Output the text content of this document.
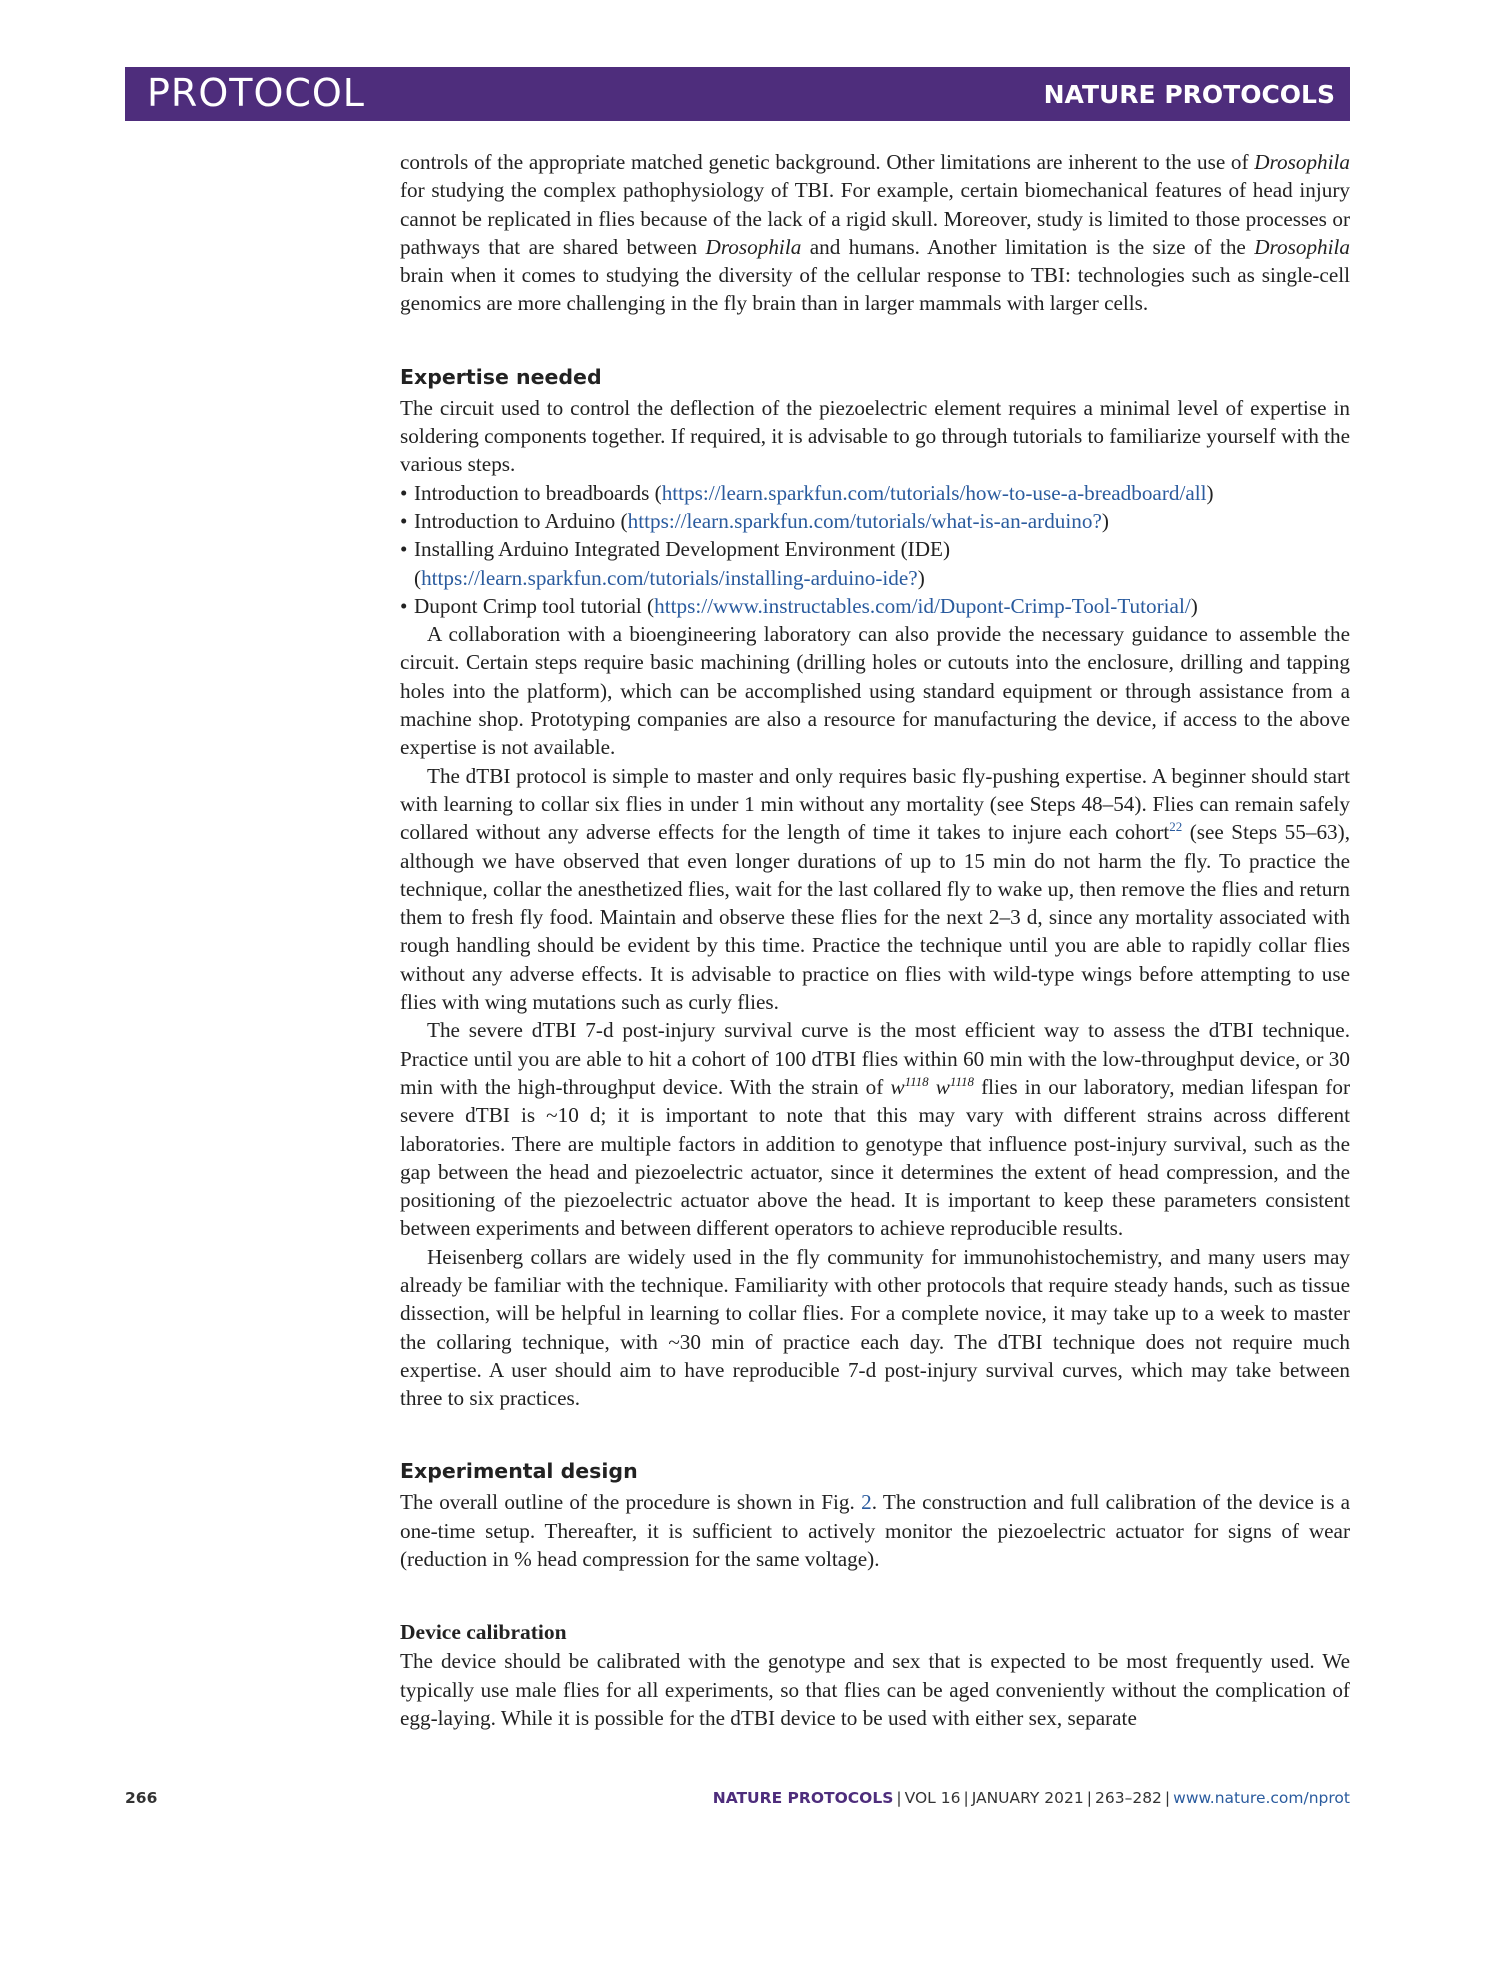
PROTOCOL	NATURE PROTOCOLS

controls of the appropriate matched genetic background. Other limitations are inherent to the use of Drosophila for studying the complex pathophysiology of TBI. For example, certain biomechanical features of head injury cannot be replicated in flies because of the lack of a rigid skull. Moreover, study is limited to those processes or pathways that are shared between Drosophila and humans. Another limitation is the size of the Drosophila brain when it comes to studying the diversity of the cellular response to TBI: technologies such as single-cell genomics are more challenging in the fly brain than in larger mammals with larger cells.

Expertise needed

The circuit used to control the deflection of the piezoelectric element requires a minimal level of expertise in soldering components together. If required, it is advisable to go through tutorials to familiarize yourself with the various steps.

• Introduction to breadboards (https://learn.sparkfun.com/tutorials/how-to-use-a-breadboard/all)
• Introduction to Arduino (https://learn.sparkfun.com/tutorials/what-is-an-arduino?)
• Installing Arduino Integrated Development Environment (IDE) (https://learn.sparkfun.com/tutorials/installing-arduino-ide?)
• Dupont Crimp tool tutorial (https://www.instructables.com/id/Dupont-Crimp-Tool-Tutorial/)

A collaboration with a bioengineering laboratory can also provide the necessary guidance to assemble the circuit. Certain steps require basic machining (drilling holes or cutouts into the enclosure, drilling and tapping holes into the platform), which can be accomplished using standard equipment or through assistance from a machine shop. Prototyping companies are also a resource for manufacturing the device, if access to the above expertise is not available.

The dTBI protocol is simple to master and only requires basic fly-pushing expertise. A beginner should start with learning to collar six flies in under 1 min without any mortality (see Steps 48–54). Flies can remain safely collared without any adverse effects for the length of time it takes to injure each cohort$^{22}$ (see Steps 55–63), although we have observed that even longer durations of up to 15 min do not harm the fly. To practice the technique, collar the anesthetized flies, wait for the last collared fly to wake up, then remove the flies and return them to fresh fly food. Maintain and observe these flies for the next 2–3 d, since any mortality associated with rough handling should be evident by this time. Practice the technique until you are able to rapidly collar flies without any adverse effects. It is advisable to practice on flies with wild-type wings before attempting to use flies with wing mutations such as curly flies.

The severe dTBI 7-d post-injury survival curve is the most efficient way to assess the dTBI technique. Practice until you are able to hit a cohort of 100 dTBI flies within 60 min with the low-throughput device, or 30 min with the high-throughput device. With the strain of $w^{1118}$ $w^{1118}$ flies in our laboratory, median lifespan for severe dTBI is ~10 d; it is important to note that this may vary with different strains across different laboratories. There are multiple factors in addition to genotype that influence post-injury survival, such as the gap between the head and piezoelectric actuator, since it determines the extent of head compression, and the positioning of the piezoelectric actuator above the head. It is important to keep these parameters consistent between experiments and between different operators to achieve reproducible results.

Heisenberg collars are widely used in the fly community for immunohistochemistry, and many users may already be familiar with the technique. Familiarity with other protocols that require steady hands, such as tissue dissection, will be helpful in learning to collar flies. For a complete novice, it may take up to a week to master the collaring technique, with ~30 min of practice each day. The dTBI technique does not require much expertise. A user should aim to have reproducible 7-d post-injury survival curves, which may take between three to six practices.

Experimental design

The overall outline of the procedure is shown in Fig. 2. The construction and full calibration of the device is a one-time setup. Thereafter, it is sufficient to actively monitor the piezoelectric actuator for signs of wear (reduction in % head compression for the same voltage).

Device calibration

The device should be calibrated with the genotype and sex that is expected to be most frequently used. We typically use male flies for all experiments, so that flies can be aged conveniently without the complication of egg-laying. While it is possible for the dTBI device to be used with either sex, separate

266	NATURE PROTOCOLS | VOL 16 | JANUARY 2021 | 263–282 | www.nature.com/nprot
